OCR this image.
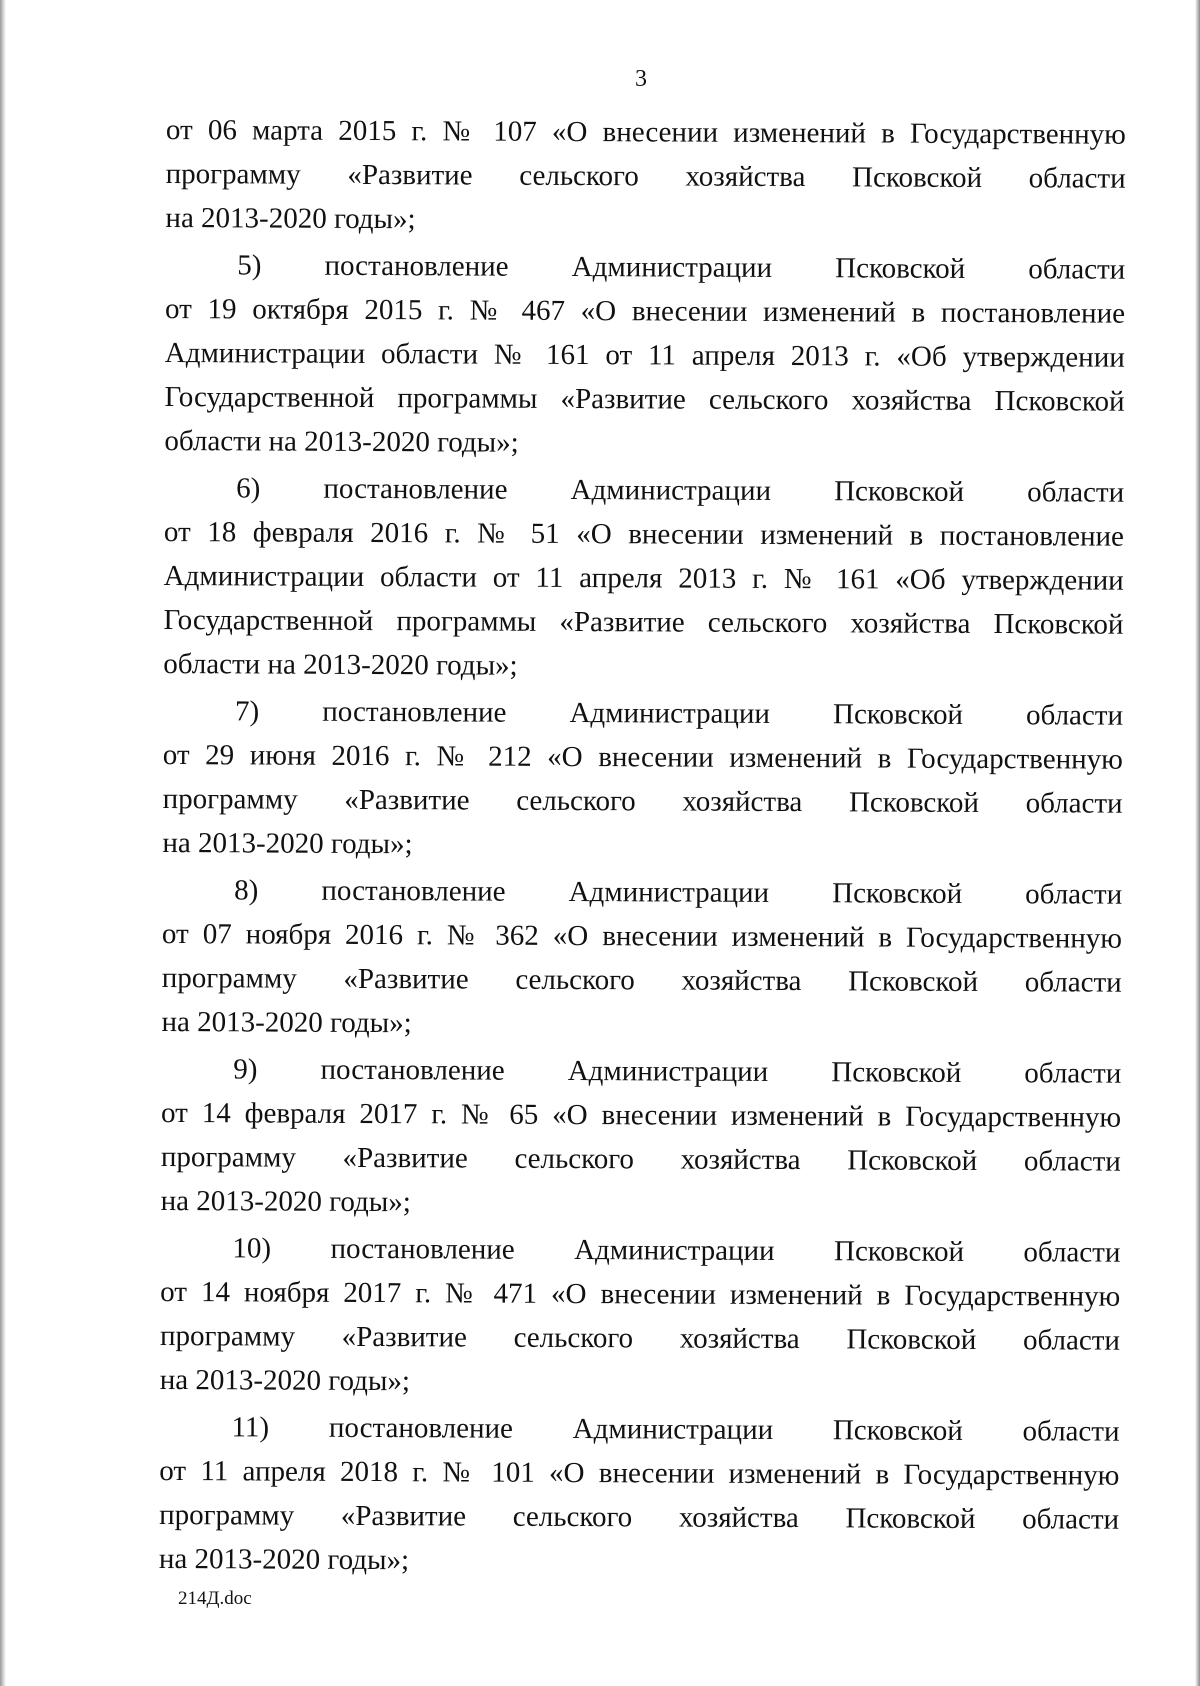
3
от 06 марта 2015 г. № 107 «О внесении изменений в Государственную
программу «Развитие сельского хозяйства Псковской области
на 2013-2020 годы»;
5) постановление Администрации Псковской области
от 19 октября 2015 г. № 467 «О внесении изменений в постановление
Администрации области № 161 от 11 апреля 2013 г. «Об утверждении
Государственной программы «Развитие сельского хозяйства Псковской
области на 2013-2020 годы»;
6) постановление Администрации Псковской области
от 18 февраля 2016 г. № 51 «О внесении изменений в постановление
Администрации области от 11 апреля 2013 г. № 161 «Об утверждении
Государственной программы «Развитие сельского хозяйства Псковской
области на 2013-2020 годы»;
7) постановление Администрации Псковской области
от 29 июня 2016 г. № 212 «О внесении изменений в Государственную
программу «Развитие сельского хозяйства Псковской области
на 2013-2020 годы»;
8) постановление Администрации Псковской области
от 07 ноября 2016 г. № 362 «О внесении изменений в Государственную
программу «Развитие сельского хозяйства Псковской области
на 2013-2020 годы»;
9) постановление Администрации Псковской области
от 14 февраля 2017 г. № 65 «О внесении изменений в Государственную
программу «Развитие сельского хозяйства Псковской области
на 2013-2020 годы»;
10) постановление Администрации Псковской области
от 14 ноября 2017 г. № 471 «О внесении изменений в Государственную
программу «Развитие сельского хозяйства Псковской области
на 2013-2020 годы»;
11) постановление Администрации Псковской области
от 11 апреля 2018 г. № 101 «О внесении изменений в Государственную
программу «Развитие сельского хозяйства Псковской области
на 2013-2020 годы»;
214Д.doc
